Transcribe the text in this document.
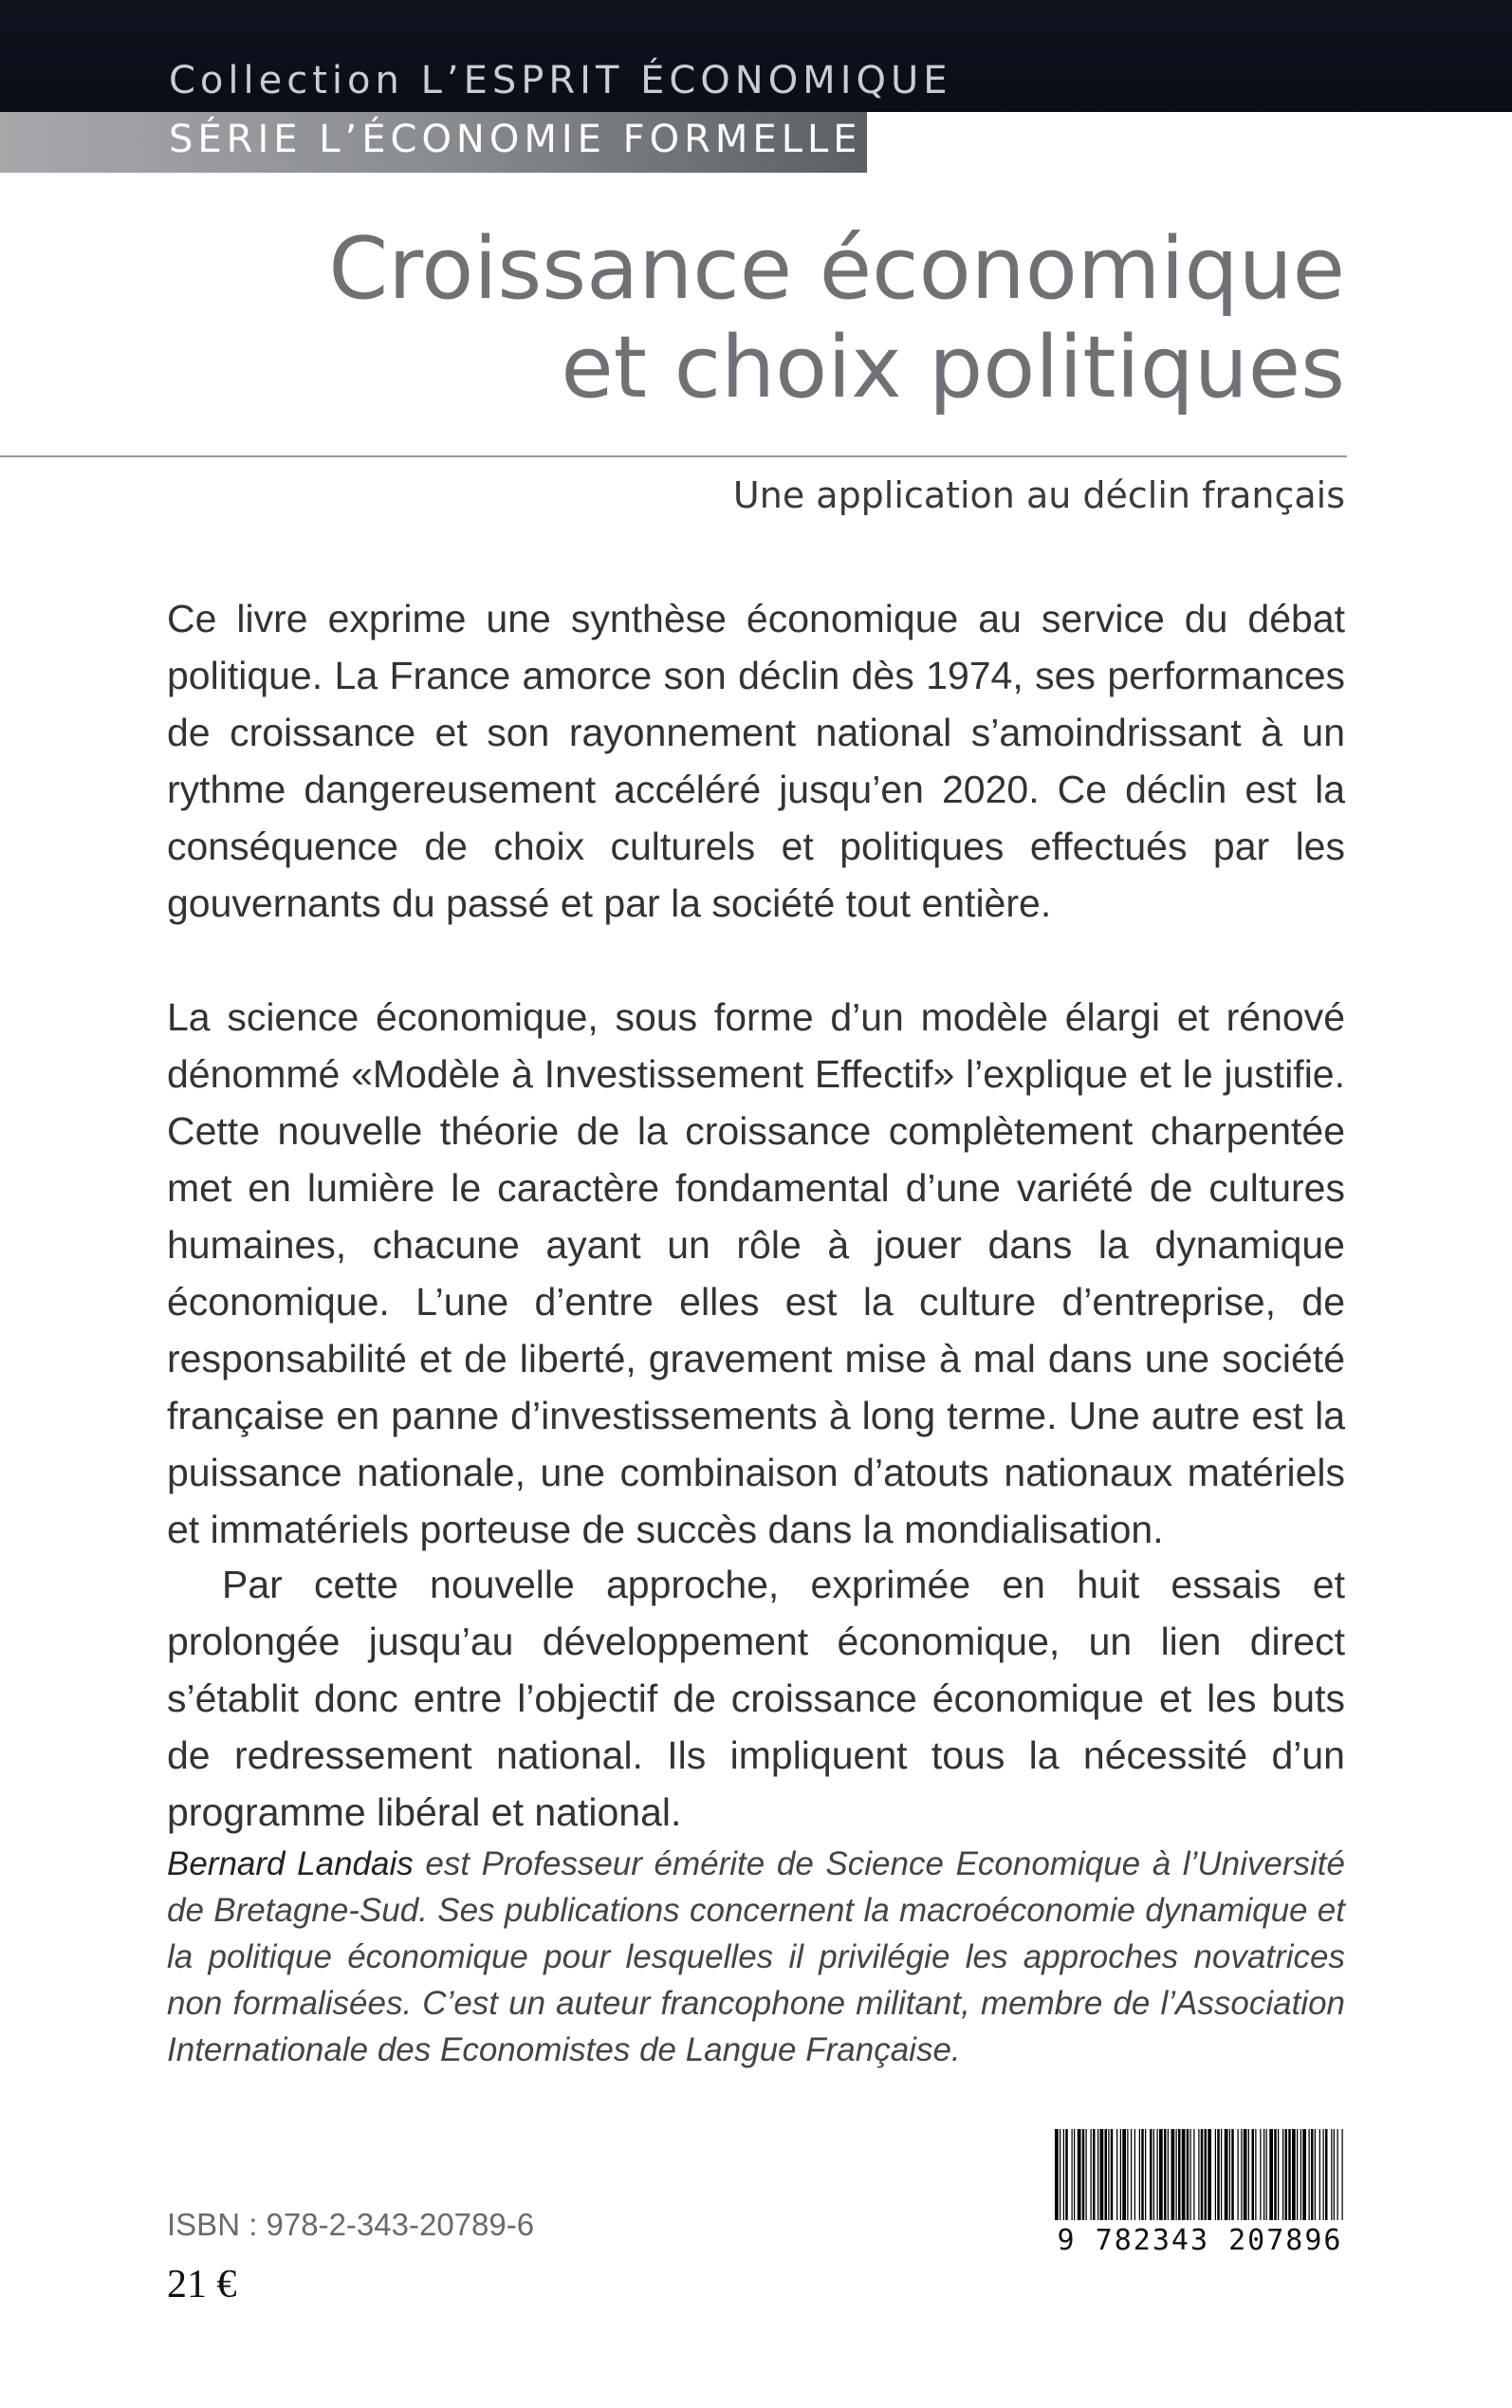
Collection L’ESPRIT ÉCONOMIQUE
SÉRIE L’ÉCONOMIE FORMELLE
Croissance économique
et choix politiques
Une application au déclin français
Ce livre exprime une synthèse économique au service du débat politique. La France amorce son déclin dès 1974, ses performances de croissance et son rayonnement national s’amoindrissant à un rythme dangereusement accéléré jusqu’en 2020. Ce déclin est la conséquence de choix culturels et politiques effectués par les gouvernants du passé et par la société tout entière.
La science économique, sous forme d’un modèle élargi et rénové dénommé «Modèle à Investissement Effectif» l’explique et le justifie. Cette nouvelle théorie de la croissance complètement charpentée met en lumière le caractère fondamental d’une variété de cultures humaines, chacune ayant un rôle à jouer dans la dynamique économique. L’une d’entre elles est la culture d’entreprise, de responsabilité et de liberté, gravement mise à mal dans une société française en panne d’investissements à long terme. Une autre est la puissance nationale, une combinaison d’atouts nationaux matériels et immatériels porteuse de succès dans la mondialisation.
Par cette nouvelle approche, exprimée en huit essais et prolongée jusqu’au développement économique, un lien direct s’établit donc entre l’objectif de croissance économique et les buts de redressement national. Ils impliquent tous la nécessité d’un programme libéral et national.
Bernard Landais est Professeur émérite de Science Economique à l’Université de Bretagne-Sud. Ses publications concernent la macroéconomie dynamique et la politique économique pour lesquelles il privilégie les approches novatrices non formalisées. C’est un auteur francophone militant, membre de l’Association Internationale des Economistes de Langue Française.
9 782343 207896
ISBN : 978-2-343-20789-6
21 €
